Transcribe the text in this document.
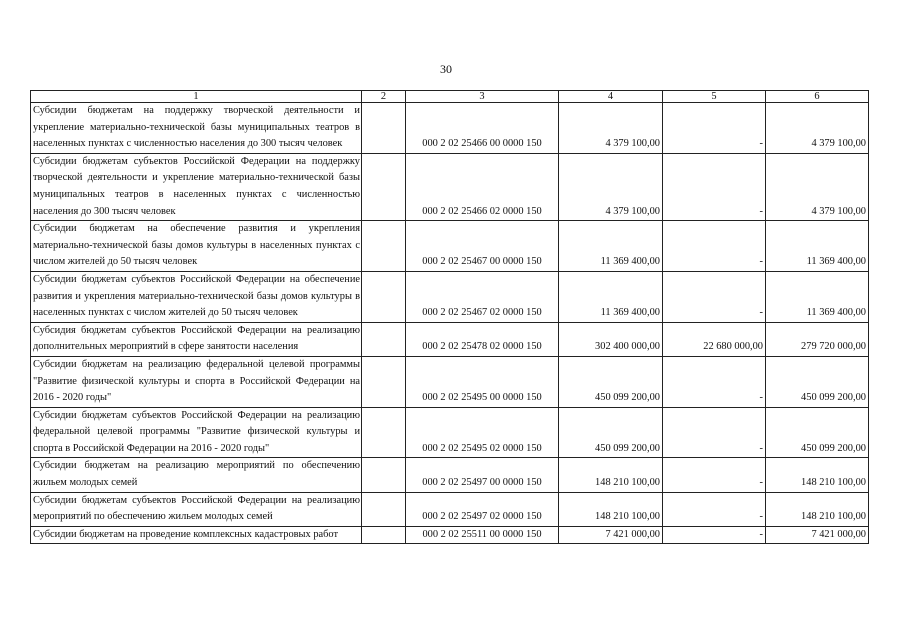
30
1	2	3	4	5	6
Субсидии бюджетам на поддержку творческой деятельности и укрепление материально-технической базы муниципальных театров в населенных пунктах с численностью населения до 300 тысяч человек		000 2 02 25466 00 0000 150	4 379 100,00	-	4 379 100,00
Субсидии бюджетам субъектов Российской Федерации на поддержку творческой деятельности и укрепление материально-технической базы муниципальных театров в населенных пунктах с численностью населения до 300 тысяч человек		000 2 02 25466 02 0000 150	4 379 100,00	-	4 379 100,00
Субсидии бюджетам на обеспечение развития и укрепления материально-технической базы домов культуры в населенных пунктах с числом жителей до 50 тысяч человек		000 2 02 25467 00 0000 150	11 369 400,00	-	11 369 400,00
Субсидии бюджетам субъектов Российской Федерации на обеспечение развития и укрепления материально-технической базы домов культуры в населенных пунктах с числом жителей до 50 тысяч человек		000 2 02 25467 02 0000 150	11 369 400,00	-	11 369 400,00
Субсидия бюджетам субъектов Российской Федерации на реализацию дополнительных мероприятий в сфере занятости населения		000 2 02 25478 02 0000 150	302 400 000,00	22 680 000,00	279 720 000,00
Субсидии бюджетам на реализацию федеральной целевой программы "Развитие физической культуры и спорта в Российской Федерации на 2016 - 2020 годы"		000 2 02 25495 00 0000 150	450 099 200,00	-	450 099 200,00
Субсидии бюджетам субъектов Российской Федерации на реализацию федеральной целевой программы "Развитие физической культуры и спорта в Российской Федерации на 2016 - 2020 годы"		000 2 02 25495 02 0000 150	450 099 200,00	-	450 099 200,00
Субсидии бюджетам на реализацию мероприятий по обеспечению жильем молодых семей		000 2 02 25497 00 0000 150	148 210 100,00	-	148 210 100,00
Субсидии бюджетам субъектов Российской Федерации на реализацию мероприятий по обеспечению жильем молодых семей		000 2 02 25497 02 0000 150	148 210 100,00	-	148 210 100,00
Субсидии бюджетам на проведение комплексных кадастровых работ		000 2 02 25511 00 0000 150	7 421 000,00	-	7 421 000,00
